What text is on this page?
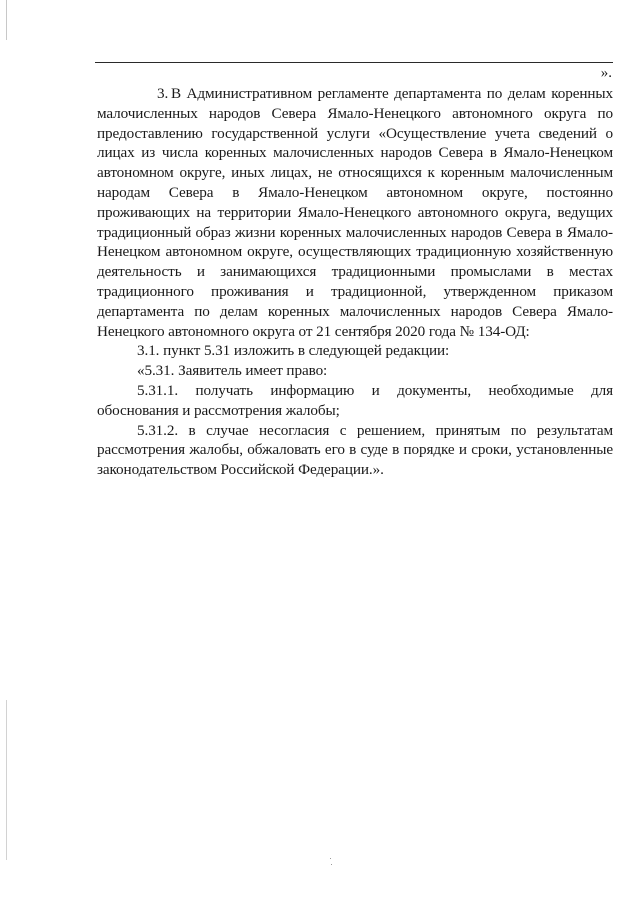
».

3. В Административном регламенте департамента по делам коренных малочисленных народов Севера Ямало-Ненецкого автономного округа по предоставлению государственной услуги «Осуществление учета сведений о лицах из числа коренных малочисленных народов Севера в Ямало-Ненецком автономном округе, иных лицах, не относящихся к коренным малочисленным народам Севера в Ямало-Ненецком автономном округе, постоянно проживающих на территории Ямало-Ненецкого автономного округа, ведущих традиционный образ жизни коренных малочисленных народов Севера в Ямало-Ненецком автономном округе, осуществляющих традиционную хозяйственную деятельность и занимающихся традиционными промыслами в местах традиционного проживания и традиционной, утвержденном приказом департамента по делам коренных малочисленных народов Севера Ямало-Ненецкого автономного округа от 21 сентября 2020 года № 134-ОД:

3.1. пункт 5.31 изложить в следующей редакции:

«5.31. Заявитель имеет право:

5.31.1. получать информацию и документы, необходимые для обоснования и рассмотрения жалобы;

5.31.2. в случае несогласия с решением, принятым по результатам рассмотрения жалобы, обжаловать его в суде в порядке и сроки, установленные законодательством Российской Федерации.».
